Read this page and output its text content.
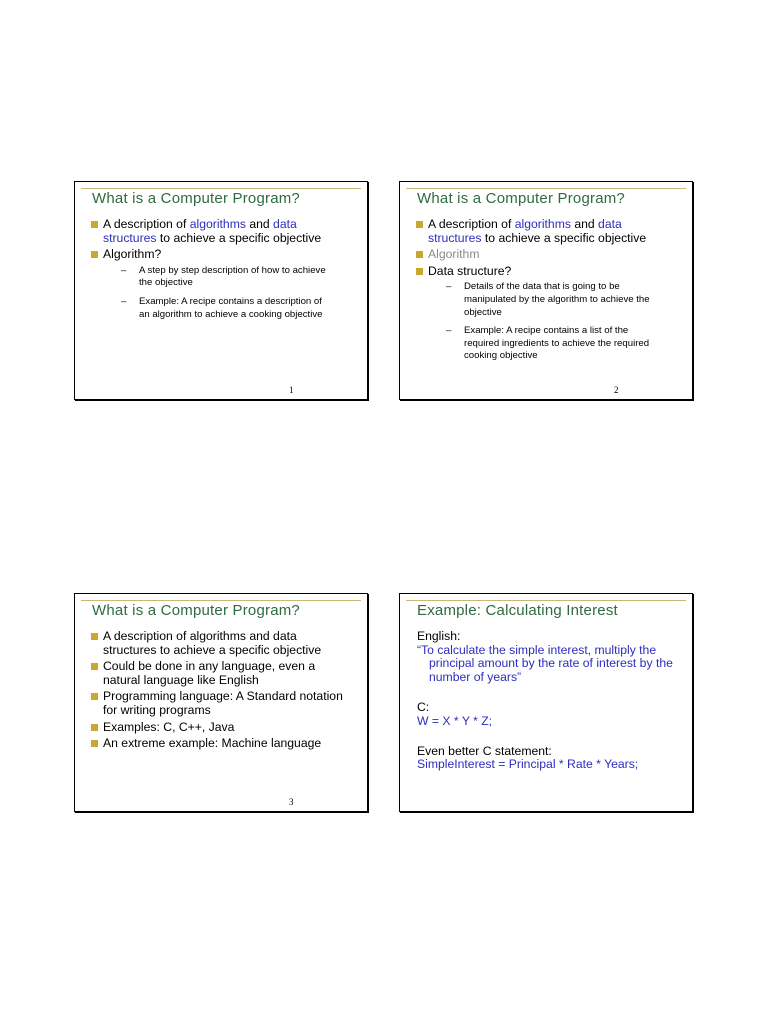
What is a Computer Program?
A description of algorithms and data
structures to achieve a specific objective
Algorithm?
– A step by step description of how to achieve
the objective
– Example: A recipe contains a description of
an algorithm to achieve a cooking objective
1
What is a Computer Program?
A description of algorithms and data
structures to achieve a specific objective
Algorithm
Data structure?
– Details of the data that is going to be
manipulated by the algorithm to achieve the
objective
– Example: A recipe contains a list of the
required ingredients to achieve the required
cooking objective
2
What is a Computer Program?
A description of algorithms and data
structures to achieve a specific objective
Could be done in any language, even a
natural language like English
Programming language: A Standard notation
for writing programs
Examples: C, C++, Java
An extreme example: Machine language
3
Example: Calculating Interest

English:

“To calculate the simple interest, multiply the

principal amount by the rate of interest by the

number of years”

C:

W = X * Y * Z;

Even better C statement:

SimpleInterest = Principal * Rate * Years;
